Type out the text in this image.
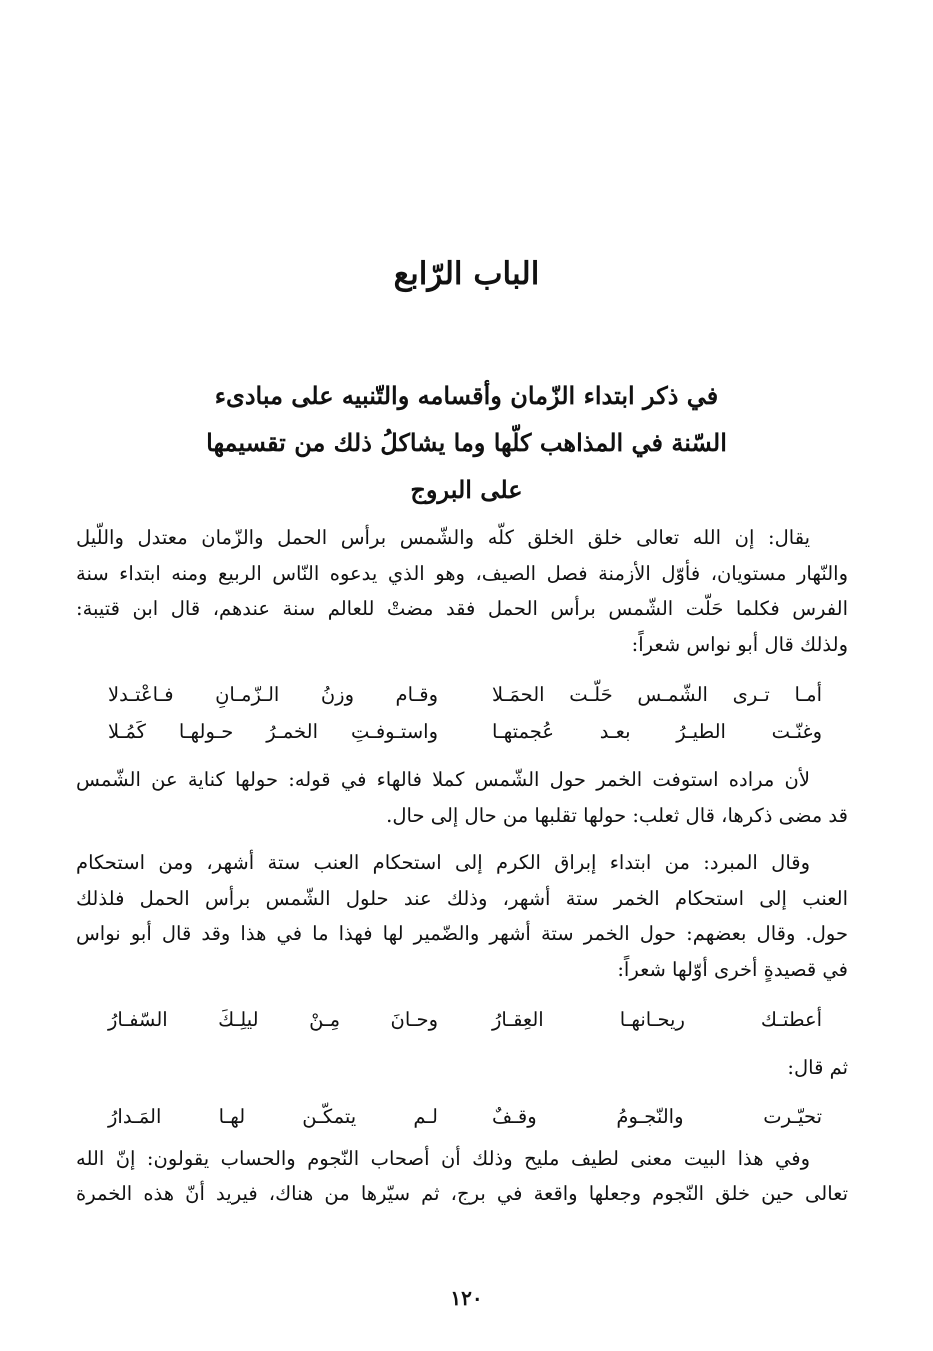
الباب الرّابع
في ذكر ابتداء الزّمان وأقسامه والتّنبيه على مبادىء
السّنة في المذاهب كلّها وما يشاكلُ ذلك من تقسيمها
على البروج

يقال: إن الله تعالى خلق الخلق كلّه والشّمس برأس الحمل والزّمان معتدل واللّيل
والنّهار مستويان، فأوّل الأزمنة فصل الصيف، وهو الذي يدعوه النّاس الربيع ومنه ابتداء سنة
الفرس فكلما حَلّت الشّمس برأس الحمل فقد مضتْ للعالم سنة عندهم، قال ابن قتيبة:
ولذلك قال أبو نواس شعراً:

أمـا تـرى الشّمـس حَلّـت الحمَـلا
وقـام وزنُ الـزّمـانِ فـاعْتـدلا
وغنّـت الطيـرُ بعـد عُجمتهـا
واستـوفـتِ الخمـرُ حـولهـا كَمُـلا

لأن مراده استوفت الخمر حول الشّمس كملا فالهاء في قوله: حولها كناية عن الشّمس
قد مضى ذكرها، قال ثعلب: حولها تقلبها من حال إلى حال.

وقال المبرد: من ابتداء إبراق الكرم إلى استحكام العنب ستة أشهر، ومن استحكام
العنب إلى استحكام الخمر ستة أشهر، وذلك عند حلول الشّمس برأس الحمل فلذلك
حول. وقال بعضهم: حول الخمر ستة أشهر والضّمير لها فهذا ما في هذا وقد قال أبو نواس
في قصيدةٍ أخرى أوّلها شعراً:

أعطتـك ريحـانهـا العِقـارُ
وحـانَ مِـنْ ليلِـكَ السّفـارُ

ثم قال:

تحيّـرت والنّجـومُ وقـفٌ
لـم يتمكّـن لهـا المَـدارُ

وفي هذا البيت معنى لطيف مليح وذلك أن أصحاب النّجوم والحساب يقولون: إنّ الله
تعالى حين خلق النّجوم وجعلها واقعة في برج، ثم سيّرها من هناك، فيريد أنّ هذه الخمرة

١٢٠
